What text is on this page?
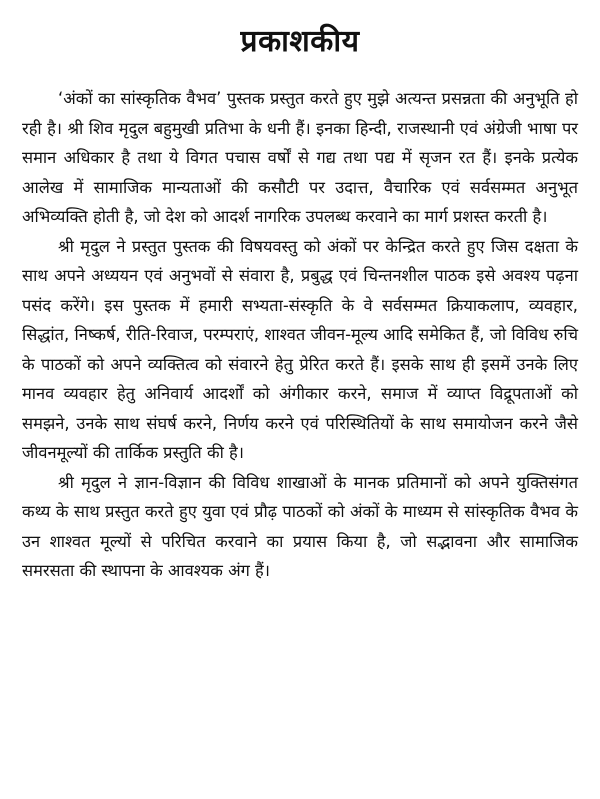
प्रकाशकीय

‘अंकों का सांस्कृतिक वैभव’ पुस्तक प्रस्तुत करते हुए मुझे अत्यन्त प्रसन्नता की अनुभूति हो रही है। श्री शिव मृदुल बहुमुखी प्रतिभा के धनी हैं। इनका हिन्दी, राजस्थानी एवं अंग्रेजी भाषा पर समान अधिकार है तथा ये विगत पचास वर्षों से गद्य तथा पद्य में सृजन रत हैं। इनके प्रत्येक आलेख में सामाजिक मान्यताओं की कसौटी पर उदात्त, वैचारिक एवं सर्वसम्मत अनुभूत अभिव्यक्ति होती है, जो देश को आदर्श नागरिक उपलब्ध करवाने का मार्ग प्रशस्त करती है।

श्री मृदुल ने प्रस्तुत पुस्तक की विषयवस्तु को अंकों पर केन्द्रित करते हुए जिस दक्षता के साथ अपने अध्ययन एवं अनुभवों से संवारा है, प्रबुद्ध एवं चिन्तनशील पाठक इसे अवश्य पढ़ना पसंद करेंगे। इस पुस्तक में हमारी सभ्यता-संस्कृति के वे सर्वसम्मत क्रियाकलाप, व्यवहार, सिद्धांत, निष्कर्ष, रीति-रिवाज, परम्पराएं, शाश्वत जीवन-मूल्य आदि समेकित हैं, जो विविध रुचि के पाठकों को अपने व्यक्तित्व को संवारने हेतु प्रेरित करते हैं। इसके साथ ही इसमें उनके लिए मानव व्यवहार हेतु अनिवार्य आदर्शों को अंगीकार करने, समाज में व्याप्त विद्रूपताओं को समझने, उनके साथ संघर्ष करने, निर्णय करने एवं परिस्थितियों के साथ समायोजन करने जैसे जीवनमूल्यों की तार्किक प्रस्तुति की है।

श्री मृदुल ने ज्ञान-विज्ञान की विविध शाखाओं के मानक प्रतिमानों को अपने युक्तिसंगत कथ्य के साथ प्रस्तुत करते हुए युवा एवं प्रौढ़ पाठकों को अंकों के माध्यम से सांस्कृतिक वैभव के उन शाश्वत मूल्यों से परिचित करवाने का प्रयास किया है, जो सद्भावना और सामाजिक समरसता की स्थापना के आवश्यक अंग हैं।
